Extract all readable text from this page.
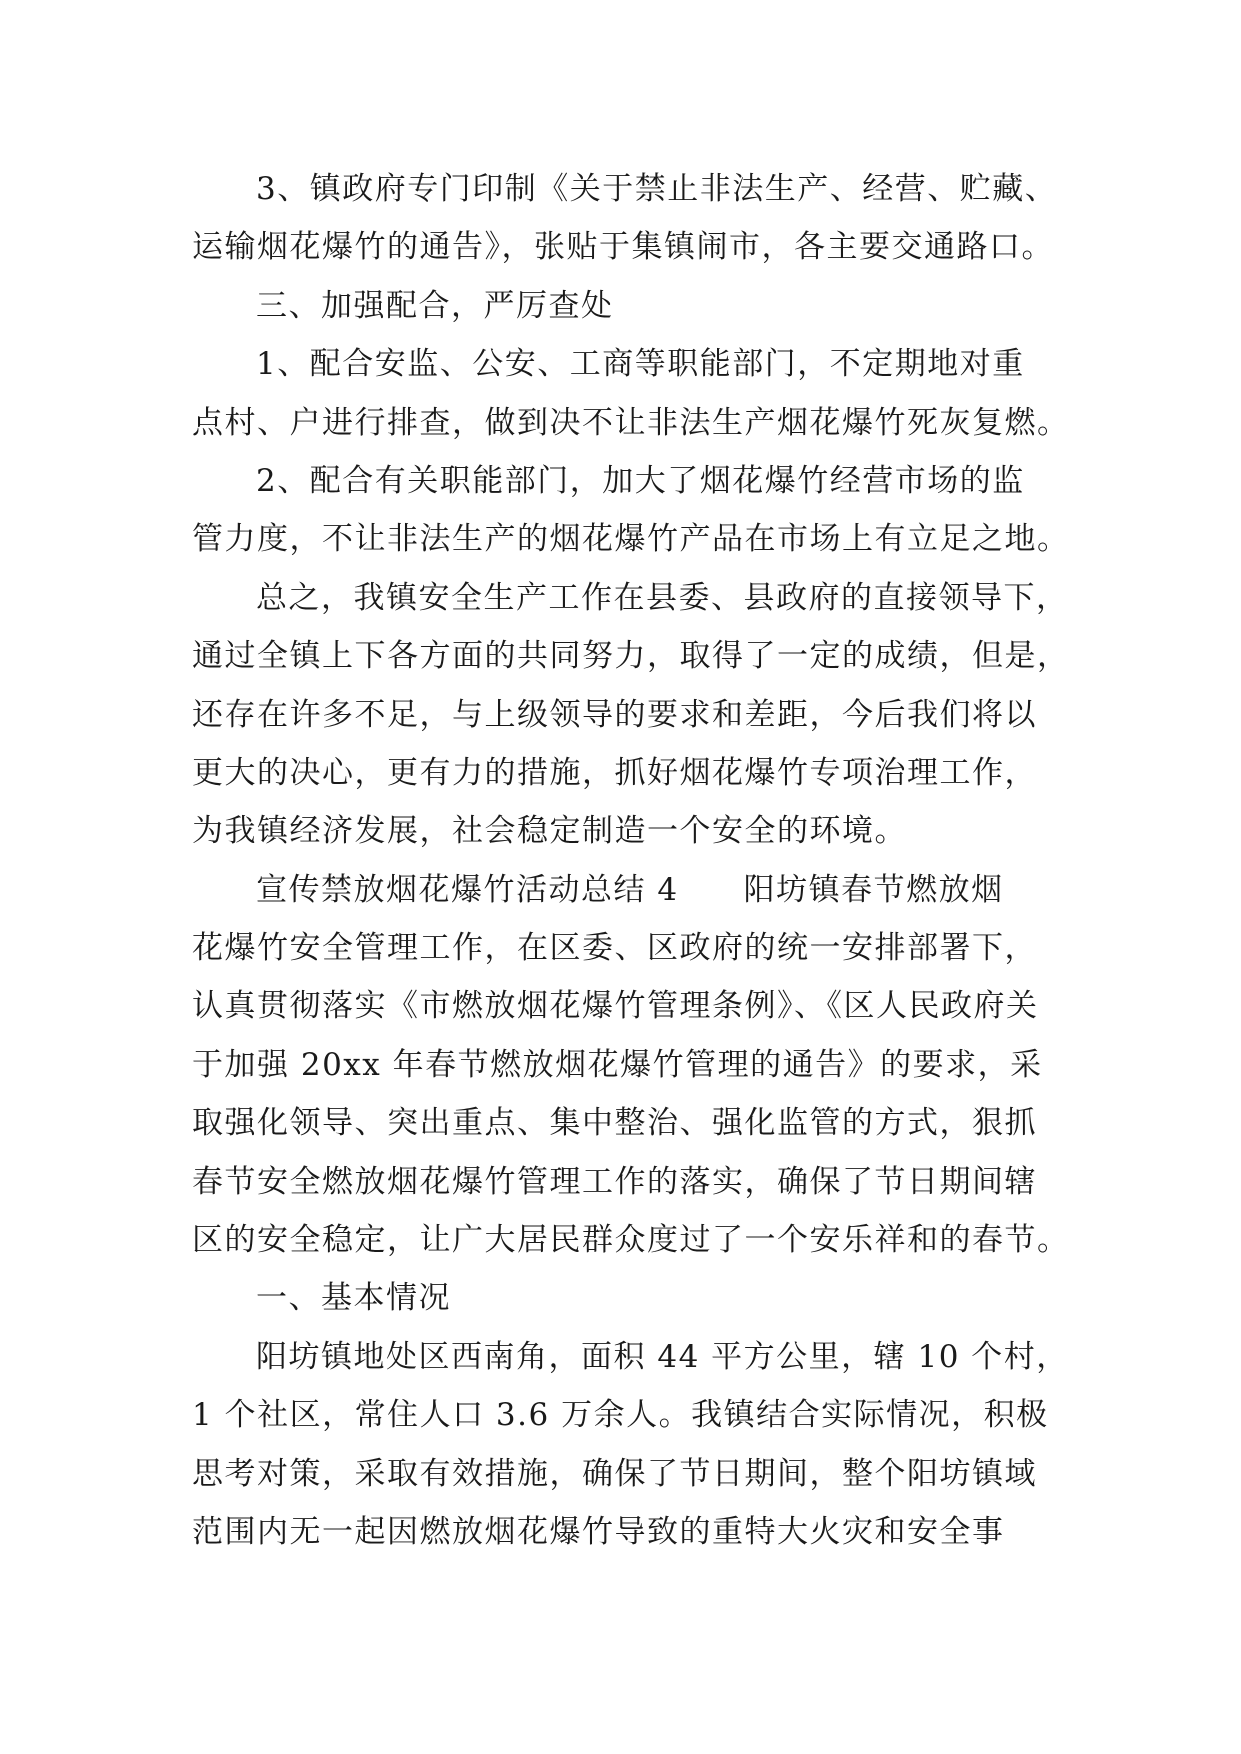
3、镇政府专门印制《关于禁止非法生产、经营、贮藏、
运输烟花爆竹的通告》，张贴于集镇闹市，各主要交通路口。
三、加强配合，严厉查处
1、配合安监、公安、工商等职能部门，不定期地对重
点村、户进行排查，做到决不让非法生产烟花爆竹死灰复燃。
2、配合有关职能部门，加大了烟花爆竹经营市场的监
管力度，不让非法生产的烟花爆竹产品在市场上有立足之地。
总之，我镇安全生产工作在县委、县政府的直接领导下，
通过全镇上下各方面的共同努力，取得了一定的成绩，但是，
还存在许多不足，与上级领导的要求和差距，今后我们将以
更大的决心，更有力的措施，抓好烟花爆竹专项治理工作，
为我镇经济发展，社会稳定制造一个安全的环境。
宣传禁放烟花爆竹活动总结 4　　阳坊镇春节燃放烟
花爆竹安全管理工作，在区委、区政府的统一安排部署下，
认真贯彻落实《市燃放烟花爆竹管理条例》、《区人民政府关
于加强 20xx 年春节燃放烟花爆竹管理的通告》的要求，采
取强化领导、突出重点、集中整治、强化监管的方式，狠抓
春节安全燃放烟花爆竹管理工作的落实，确保了节日期间辖
区的安全稳定，让广大居民群众度过了一个安乐祥和的春节。
一、基本情况
阳坊镇地处区西南角，面积 44 平方公里，辖 10 个村，
1 个社区，常住人口 3.6 万余人。我镇结合实际情况，积极
思考对策，采取有效措施，确保了节日期间，整个阳坊镇域
范围内无一起因燃放烟花爆竹导致的重特大火灾和安全事
